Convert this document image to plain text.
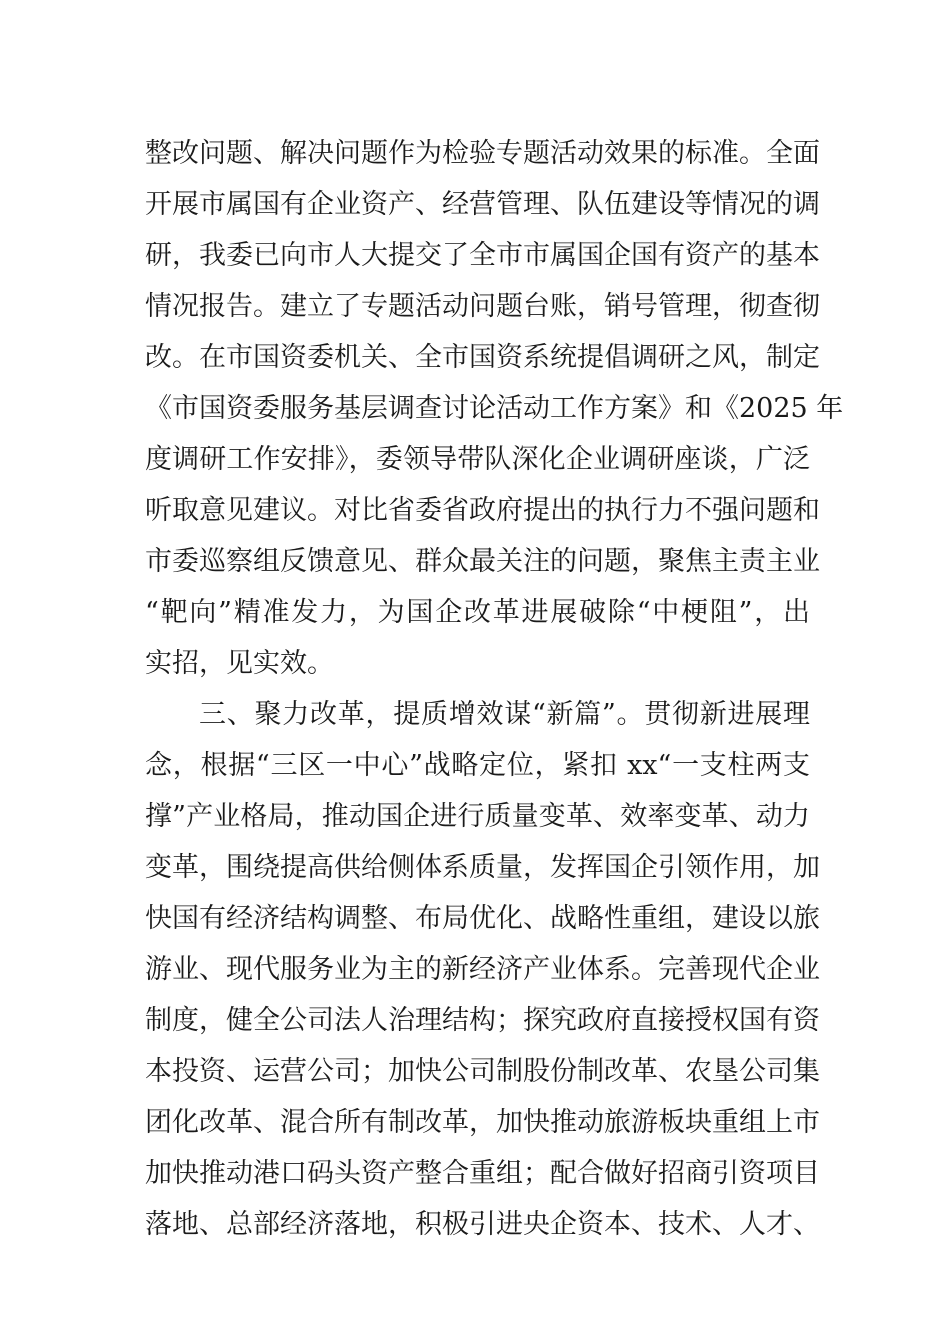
整改问题、解决问题作为检验专题活动效果的标准。全面
开展市属国有企业资产、经营管理、队伍建设等情况的调
研，我委已向市人大提交了全市市属国企国有资产的基本
情况报告。建立了专题活动问题台账，销号管理，彻查彻
改。在市国资委机关、全市国资系统提倡调研之风，制定
《市国资委服务基层调查讨论活动工作方案》和《2025 年
度调研工作安排》，委领导带队深化企业调研座谈，广泛
听取意见建议。对比省委省政府提出的执行力不强问题和
市委巡察组反馈意见、群众最关注的问题，聚焦主责主业
“靶向”精准发力，为国企改革进展破除“中梗阻”，出
实招，见实效。
三、聚力改革，提质增效谋“新篇”。贯彻新进展理
念，根据“三区一中心”战略定位，紧扣 xx“一支柱两支
撑”产业格局，推动国企进行质量变革、效率变革、动力
变革，围绕提高供给侧体系质量，发挥国企引领作用，加
快国有经济结构调整、布局优化、战略性重组，建设以旅
游业、现代服务业为主的新经济产业体系。完善现代企业
制度，健全公司法人治理结构；探究政府直接授权国有资
本投资、运营公司；加快公司制股份制改革、农垦公司集
团化改革、混合所有制改革，加快推动旅游板块重组上市
加快推动港口码头资产整合重组；配合做好招商引资项目
落地、总部经济落地，积极引进央企资本、技术、人才、
